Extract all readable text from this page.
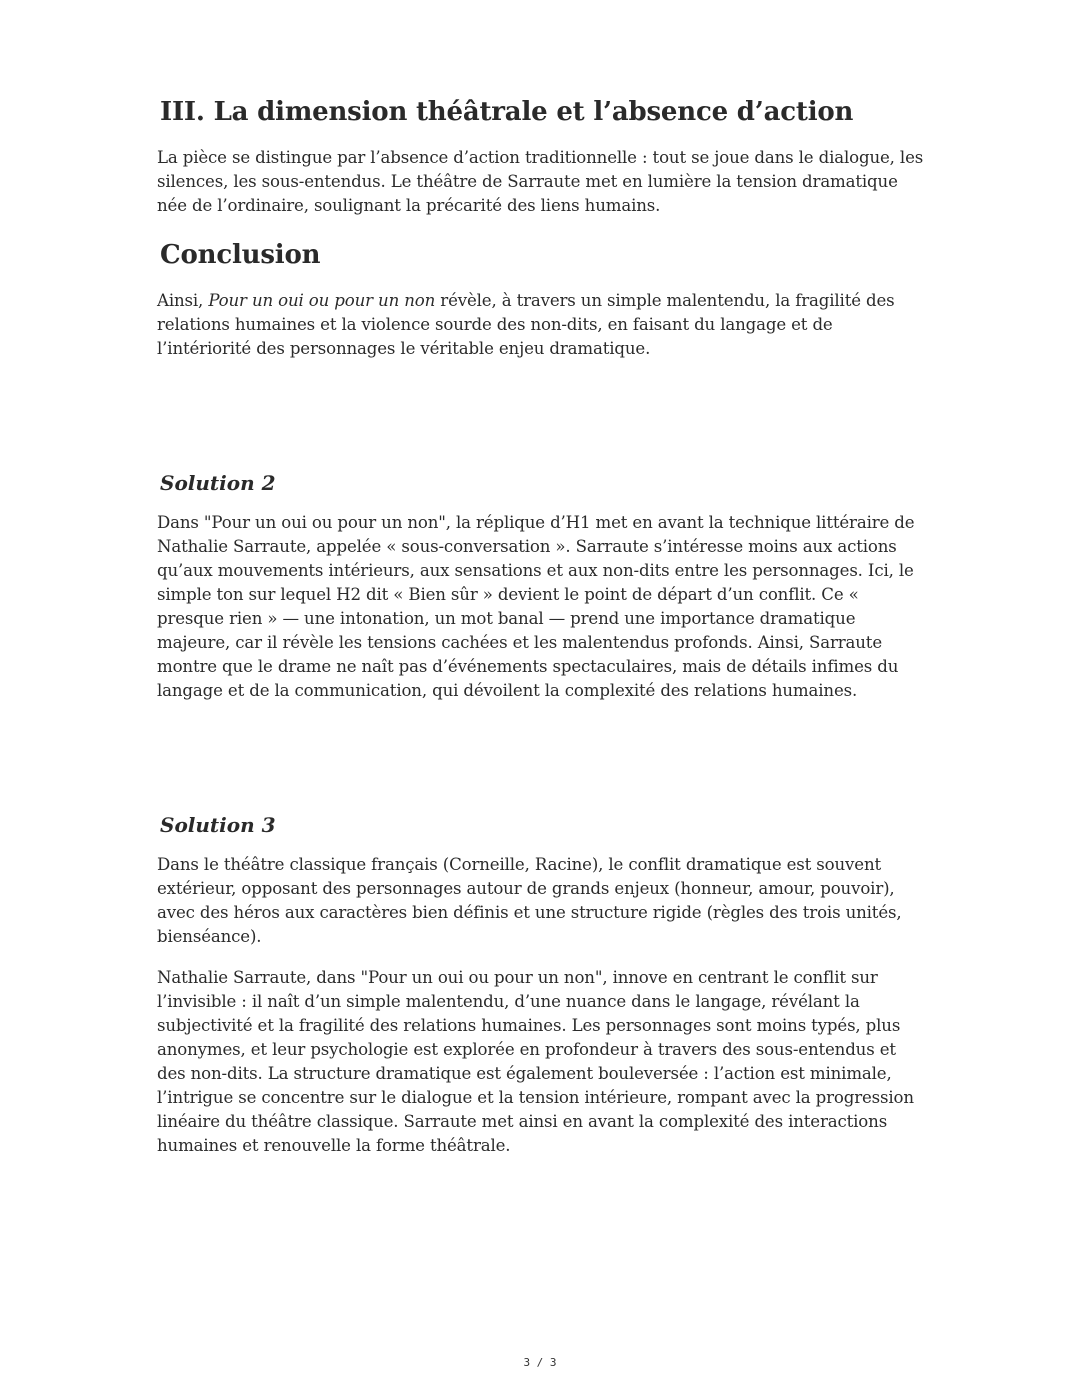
III. La dimension théâtrale et l’absence d’action

La pièce se distingue par l’absence d’action traditionnelle : tout se joue dans le dialogue, les silences, les sous-entendus. Le théâtre de Sarraute met en lumière la tension dramatique née de l’ordinaire, soulignant la précarité des liens humains.

Conclusion

Ainsi, Pour un oui ou pour un non révèle, à travers un simple malentendu, la fragilité des relations humaines et la violence sourde des non-dits, en faisant du langage et de l’intériorité des personnages le véritable enjeu dramatique.

Solution 2

Dans "Pour un oui ou pour un non", la réplique d’H1 met en avant la technique littéraire de Nathalie Sarraute, appelée « sous-conversation ». Sarraute s’intéresse moins aux actions qu’aux mouvements intérieurs, aux sensations et aux non-dits entre les personnages. Ici, le simple ton sur lequel H2 dit « Bien sûr » devient le point de départ d’un conflit. Ce « presque rien » — une intonation, un mot banal — prend une importance dramatique majeure, car il révèle les tensions cachées et les malentendus profonds. Ainsi, Sarraute montre que le drame ne naît pas d’événements spectaculaires, mais de détails infimes du langage et de la communication, qui dévoilent la complexité des relations humaines.

Solution 3

Dans le théâtre classique français (Corneille, Racine), le conflit dramatique est souvent extérieur, opposant des personnages autour de grands enjeux (honneur, amour, pouvoir), avec des héros aux caractères bien définis et une structure rigide (règles des trois unités, bienséance).

Nathalie Sarraute, dans "Pour un oui ou pour un non", innove en centrant le conflit sur l’invisible : il naît d’un simple malentendu, d’une nuance dans le langage, révélant la subjectivité et la fragilité des relations humaines. Les personnages sont moins typés, plus anonymes, et leur psychologie est explorée en profondeur à travers des sous-entendus et des non-dits. La structure dramatique est également bouleversée : l’action est minimale, l’intrigue se concentre sur le dialogue et la tension intérieure, rompant avec la progression linéaire du théâtre classique. Sarraute met ainsi en avant la complexité des interactions humaines et renouvelle la forme théâtrale.

3 / 3
